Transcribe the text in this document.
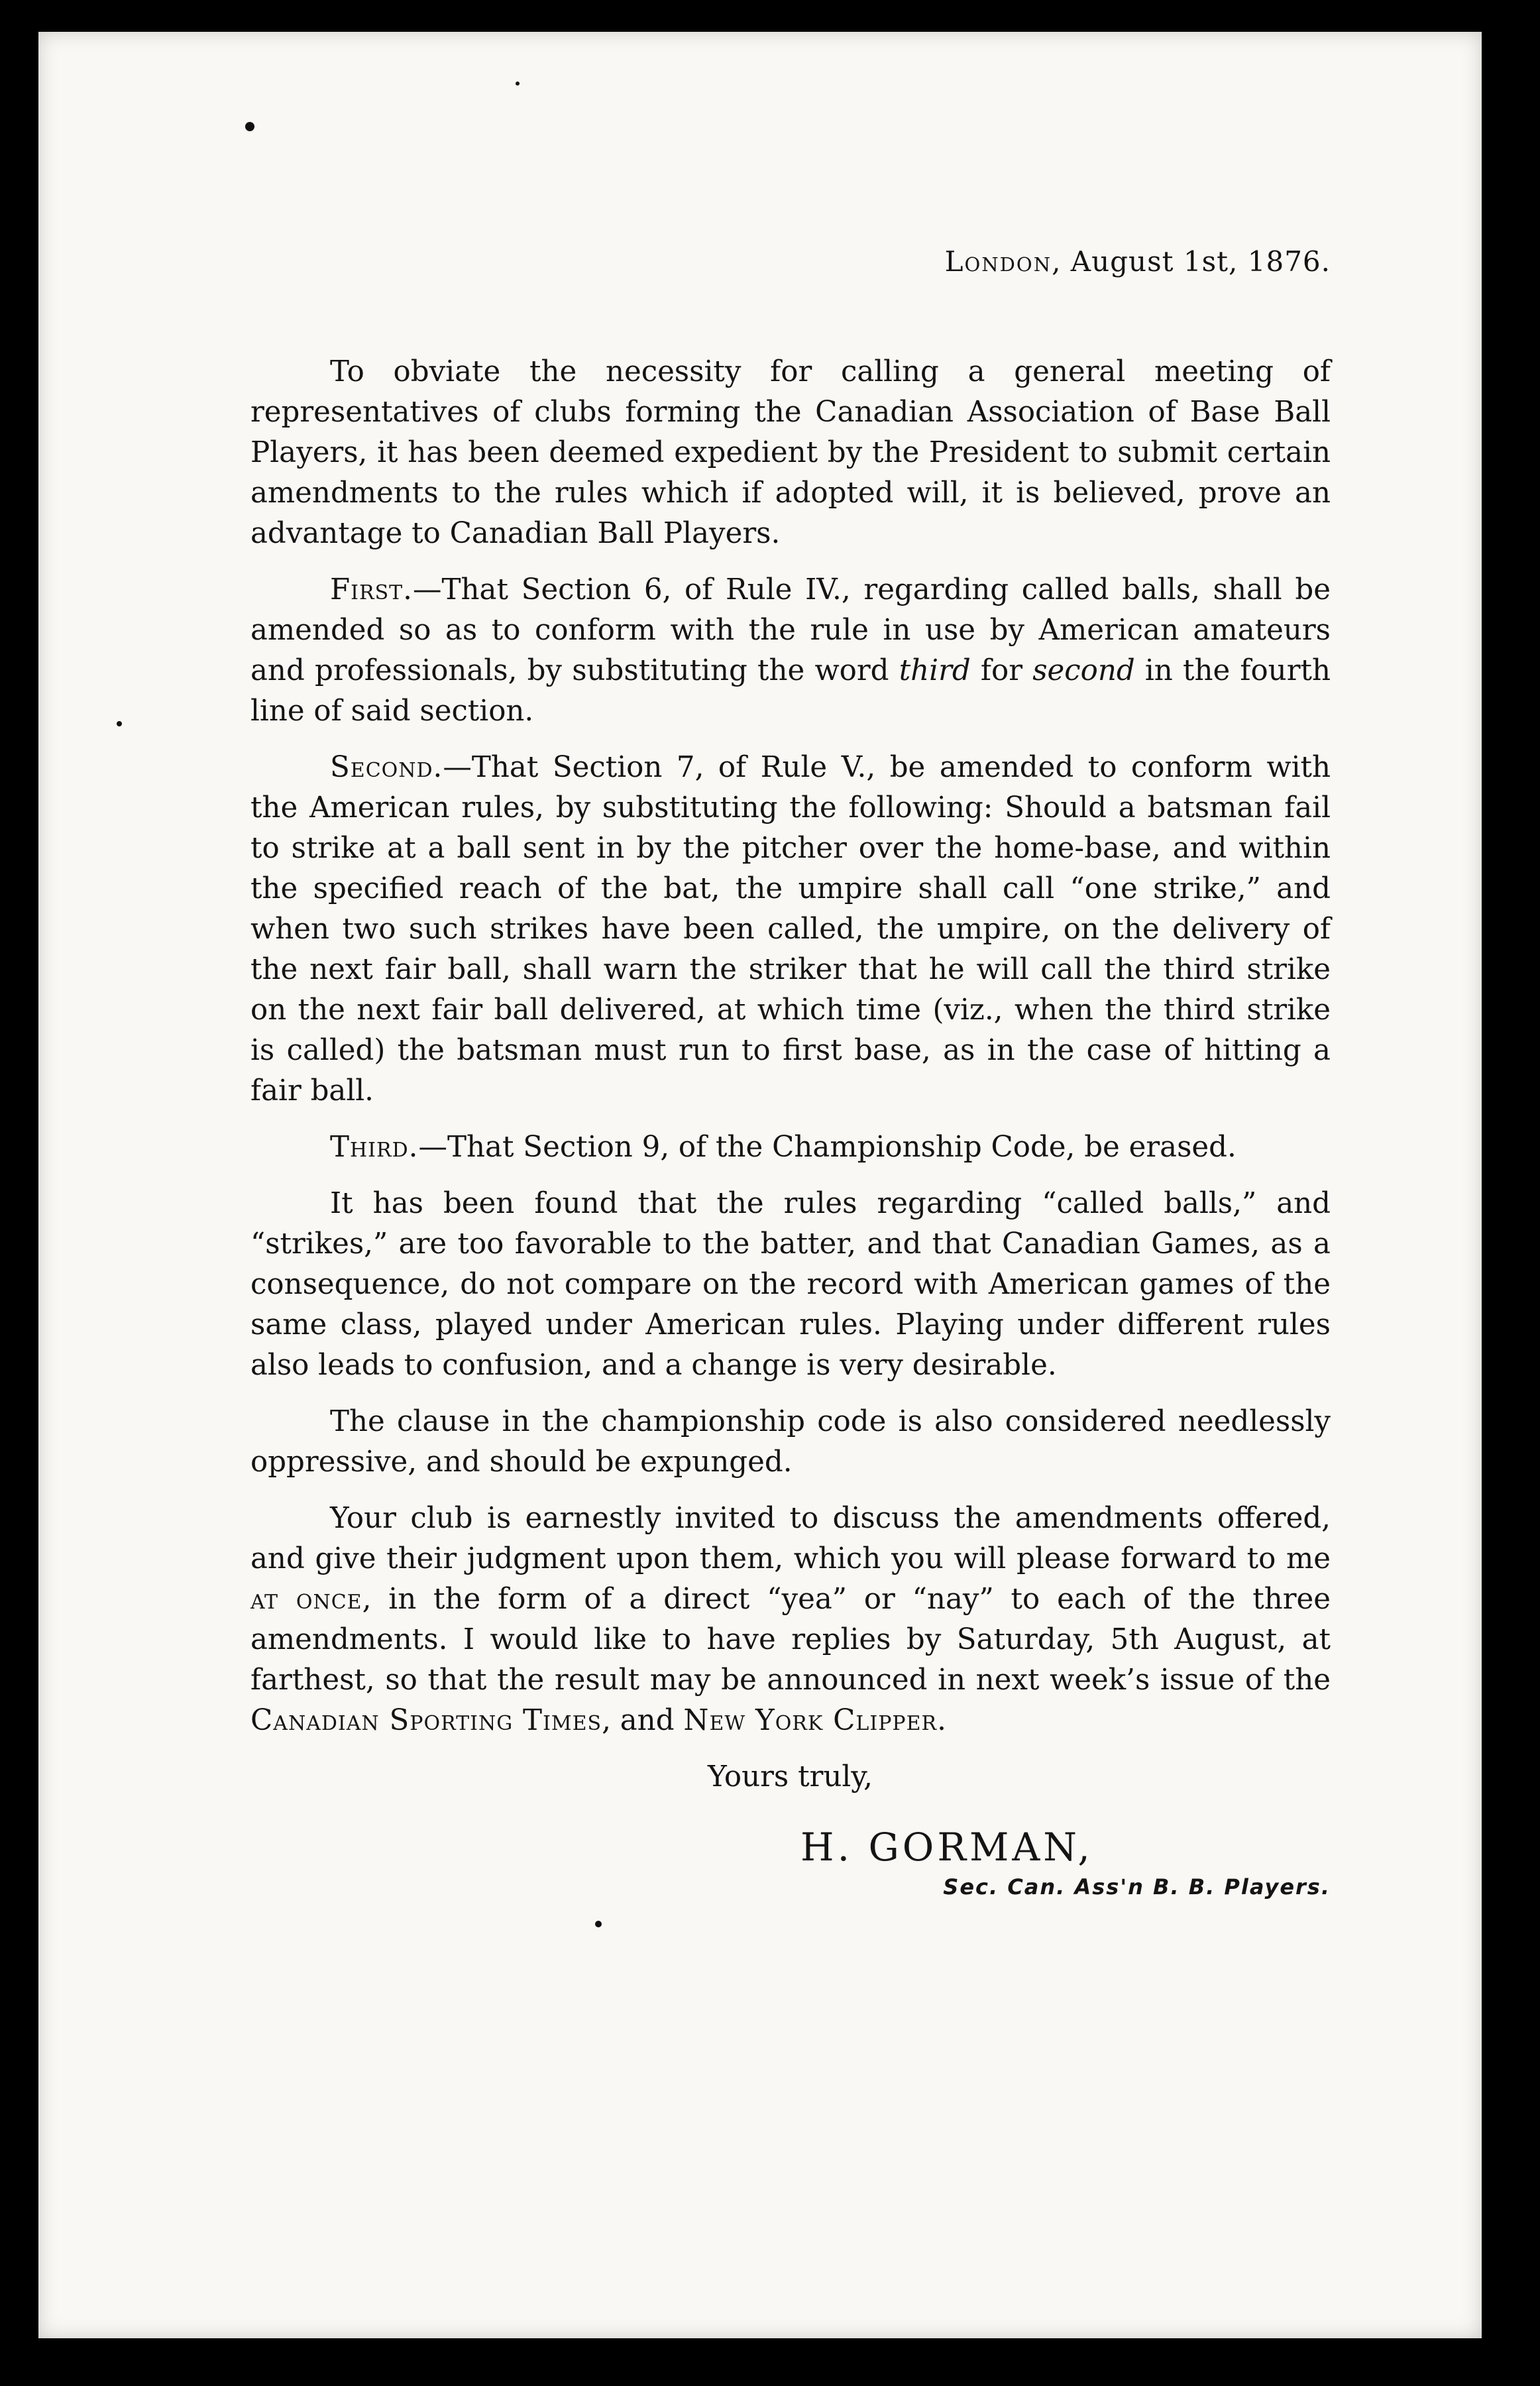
London, August 1st, 1876.

To obviate the necessity for calling a general meeting of representatives of clubs forming the Canadian Association of Base Ball Players, it has been deemed expedient by the President to submit certain amendments to the rules which if adopted will, it is believed, prove an advantage to Canadian Ball Players.

First.—That Section 6, of Rule IV., regarding called balls, shall be amended so as to conform with the rule in use by American amateurs and professionals, by substituting the word third for second in the fourth line of said section.

Second.—That Section 7, of Rule V., be amended to conform with the American rules, by substituting the following: Should a batsman fail to strike at a ball sent in by the pitcher over the home-base, and within the specified reach of the bat, the umpire shall call “one strike,” and when two such strikes have been called, the umpire, on the delivery of the next fair ball, shall warn the striker that he will call the third strike on the next fair ball delivered, at which time (viz., when the third strike is called) the batsman must run to first base, as in the case of hitting a fair ball.

Third.—That Section 9, of the Championship Code, be erased.

It has been found that the rules regarding “called balls,” and “strikes,” are too favorable to the batter, and that Canadian Games, as a consequence, do not compare on the record with American games of the same class, played under American rules. Playing under different rules also leads to confusion, and a change is very desirable.

The clause in the championship code is also considered needlessly oppressive, and should be expunged.

Your club is earnestly invited to discuss the amendments offered, and give their judgment upon them, which you will please forward to me at once, in the form of a direct “yea” or “nay” to each of the three amendments. I would like to have replies by Saturday, 5th August, at farthest, so that the result may be announced in next week’s issue of the Canadian Sporting Times, and New York Clipper.

Yours truly,
H. GORMAN,
Sec. Can. Ass'n B. B. Players.
